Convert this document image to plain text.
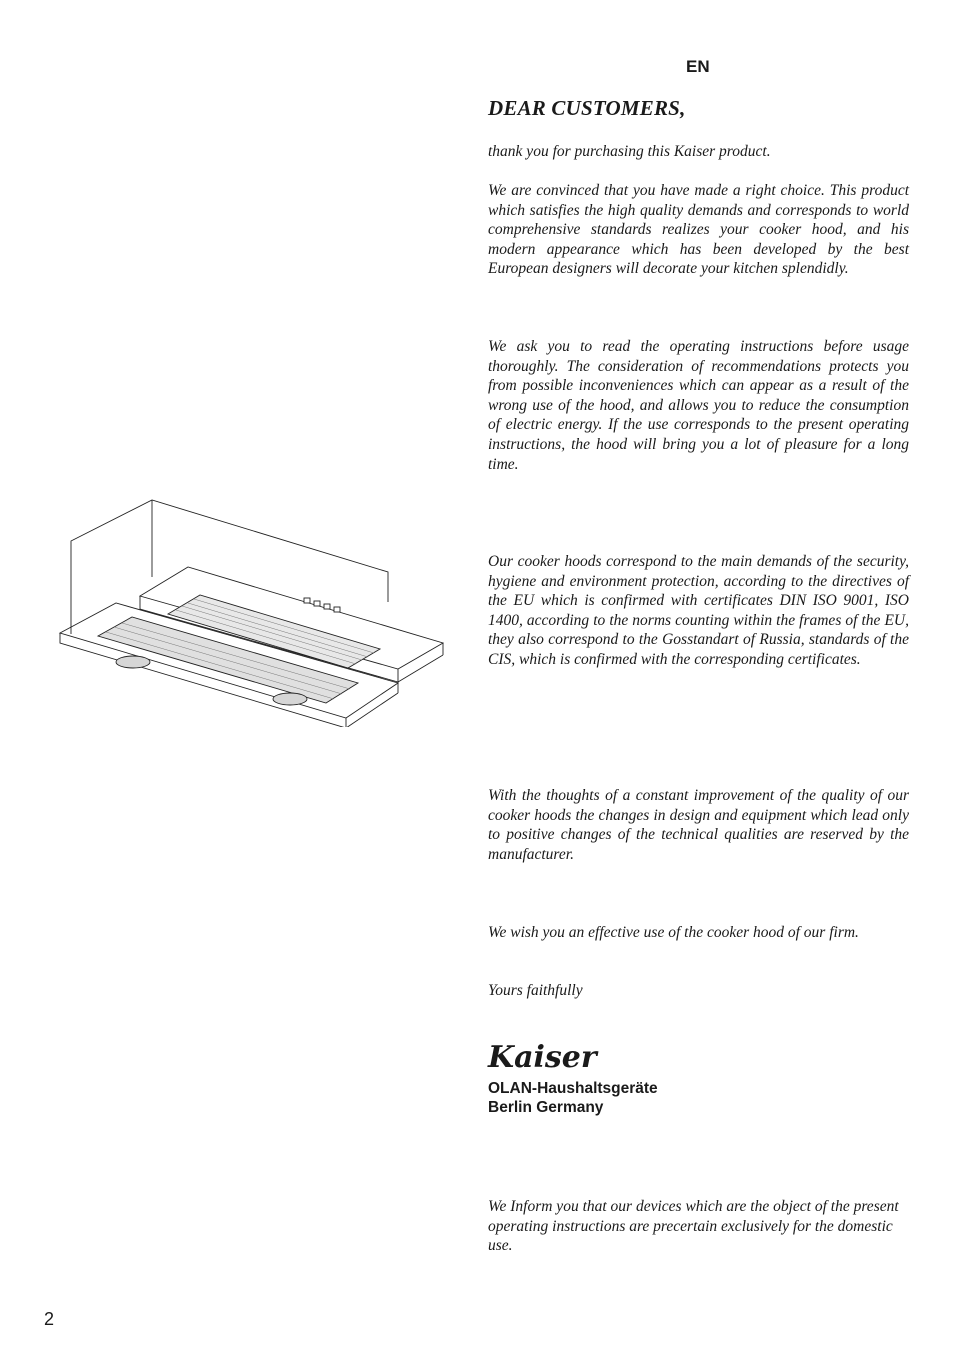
EN
DEAR CUSTOMERS,

thank you for purchasing this Kaiser product.

We are convinced that you have made a right choice. This product which satisfies the high quality demands and corresponds to world comprehensive standards realizes your cooker hood, and his modern appearance which has been developed by the best European designers will decorate your kitchen splendidly.

We ask you to read the operating instructions before usage thoroughly. The consideration of recommendations protects you from possible inconveniences which can appear as a result of the wrong use of the hood, and allows you to reduce the consumption of electric energy. If the use corresponds to the present operating instructions, the hood will bring you a lot of pleasure for a long time.

Our cooker hoods correspond to the main demands of the security, hygiene and environment protection, according to the directives of the EU which is confirmed with certificates DIN ISO 9001, ISO 1400, according to the norms counting within the frames of the EU, they also correspond to the Gosstandart of Russia, standards of the CIS, which is confirmed with the corresponding certificates.

With the thoughts of a constant improvement of the quality of our cooker hoods the changes in design and equipment which lead only to positive changes of the technical qualities are reserved by the manufacturer.

We wish you an effective use of the cooker hood of our firm.

Yours faithfully

Kaiser
OLAN-Haushaltsgeräte
Berlin Germany

We Inform you that our devices which are the object of the present operating instructions are precertain exclusively for the domestic use.

2
